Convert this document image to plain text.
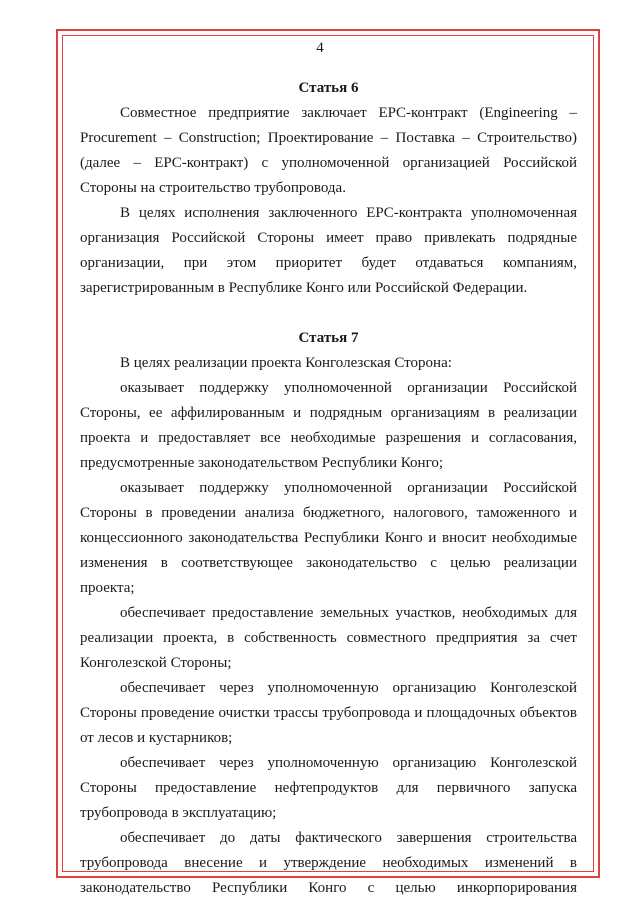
4

Статья 6

Совместное предприятие заключает EPC-контракт (Engineering – Procurement – Construction; Проектирование – Поставка – Строительство) (далее – EPC-контракт) с уполномоченной организацией Российской Стороны на строительство трубопровода.

В целях исполнения заключенного EPC-контракта уполномоченная организация Российской Стороны имеет право привлекать подрядные организации, при этом приоритет будет отдаваться компаниям, зарегистрированным в Республике Конго или Российской Федерации.

Статья 7

В целях реализации проекта Конголезская Сторона:

оказывает поддержку уполномоченной организации Российской Стороны, ее аффилированным и подрядным организациям в реализации проекта и предоставляет все необходимые разрешения и согласования, предусмотренные законодательством Республики Конго;

оказывает поддержку уполномоченной организации Российской Стороны в проведении анализа бюджетного, налогового, таможенного и концессионного законодательства Республики Конго и вносит необходимые изменения в соответствующее законодательство с целью реализации проекта;

обеспечивает предоставление земельных участков, необходимых для реализации проекта, в собственность совместного предприятия за счет Конголезской Стороны;

обеспечивает через уполномоченную организацию Конголезской Стороны проведение очистки трассы трубопровода и площадочных объектов от лесов и кустарников;

обеспечивает через уполномоченную организацию Конголезской Стороны предоставление нефтепродуктов для первичного запуска трубопровода в эксплуатацию;

обеспечивает до даты фактического завершения строительства трубопровода внесение и утверждение необходимых изменений в законодательство Республики Конго с целью инкорпорирования
